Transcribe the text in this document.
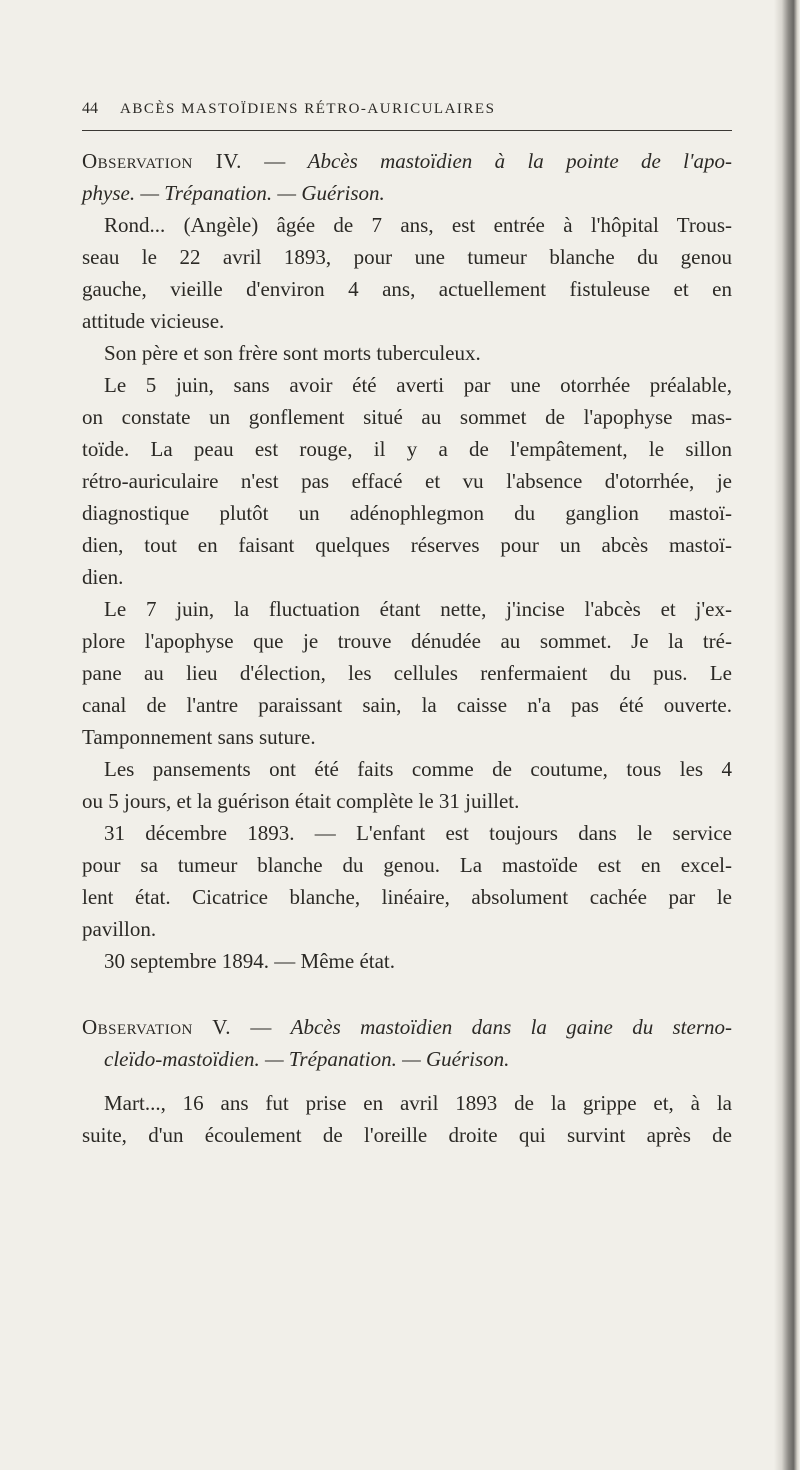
44 ABCÈS MASTOÏDIENS RÉTRO-AURICULAIRES
Observation IV. — Abcès mastoïdien à la pointe de l'apo-
physe. — Trépanation. — Guérison.
Rond... (Angèle) âgée de 7 ans, est entrée à l'hôpital Trous-
seau le 22 avril 1893, pour une tumeur blanche du genou
gauche, vieille d'environ 4 ans, actuellement fistuleuse et en
attitude vicieuse.
Son père et son frère sont morts tuberculeux.
Le 5 juin, sans avoir été averti par une otorrhée préalable,
on constate un gonflement situé au sommet de l'apophyse mas-
toïde. La peau est rouge, il y a de l'empâtement, le sillon
rétro-auriculaire n'est pas effacé et vu l'absence d'otorrhée, je
diagnostique plutôt un adénophlegmon du ganglion mastoï-
dien, tout en faisant quelques réserves pour un abcès mastoï-
dien.
Le 7 juin, la fluctuation étant nette, j'incise l'abcès et j'ex-
plore l'apophyse que je trouve dénudée au sommet. Je la tré-
pane au lieu d'élection, les cellules renfermaient du pus. Le
canal de l'antre paraissant sain, la caisse n'a pas été ouverte.
Tamponnement sans suture.
Les pansements ont été faits comme de coutume, tous les 4
ou 5 jours, et la guérison était complète le 31 juillet.
31 décembre 1893. — L'enfant est toujours dans le service
pour sa tumeur blanche du genou. La mastoïde est en excel-
lent état. Cicatrice blanche, linéaire, absolument cachée par le
pavillon.
30 septembre 1894. — Même état.
Observation V. — Abcès mastoïdien dans la gaine du sterno-
cleïdo-mastoïdien. — Trépanation. — Guérison.
Mart..., 16 ans fut prise en avril 1893 de la grippe et, à la
suite, d'un écoulement de l'oreille droite qui survint après de
